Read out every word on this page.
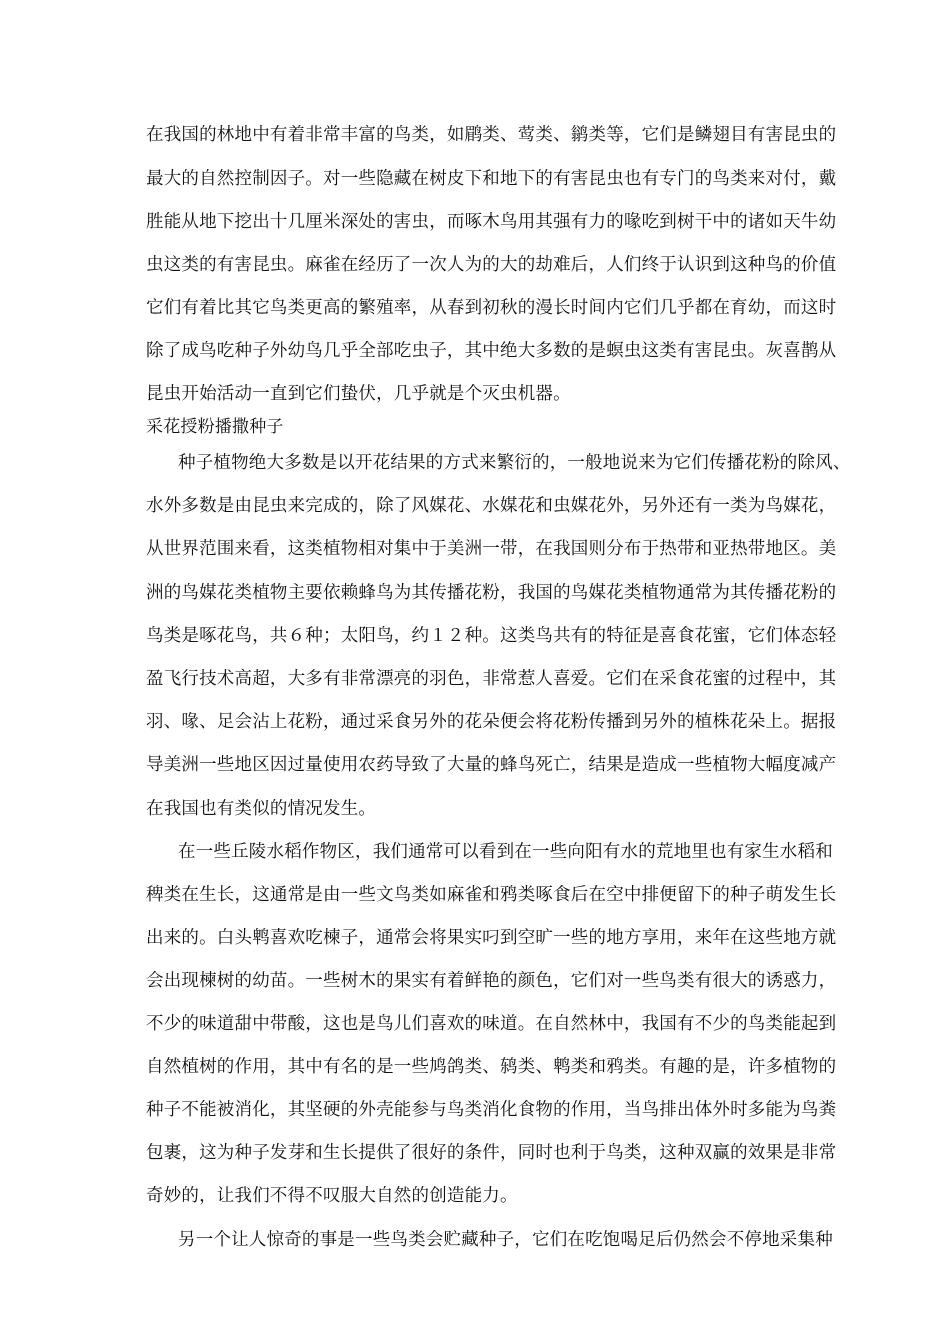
在我国的林地中有着非常丰富的鸟类，如鹛类、莺类、鹟类等，它们是鳞翅目有害昆虫的
最大的自然控制因子。对一些隐藏在树皮下和地下的有害昆虫也有专门的鸟类来对付，戴
胜能从地下挖出十几厘米深处的害虫，而啄木鸟用其强有力的喙吃到树干中的诸如天牛幼
虫这类的有害昆虫。麻雀在经历了一次人为的大的劫难后，人们终于认识到这种鸟的价值
它们有着比其它鸟类更高的繁殖率，从春到初秋的漫长时间内它们几乎都在育幼，而这时
除了成鸟吃种子外幼鸟几乎全部吃虫子，其中绝大多数的是螟虫这类有害昆虫。灰喜鹊从
昆虫开始活动一直到它们蛰伏，几乎就是个灭虫机器。
采花授粉播撒种子
种子植物绝大多数是以开花结果的方式来繁衍的，一般地说来为它们传播花粉的除风、
水外多数是由昆虫来完成的，除了风媒花、水媒花和虫媒花外，另外还有一类为鸟媒花，
从世界范围来看，这类植物相对集中于美洲一带，在我国则分布于热带和亚热带地区。美
洲的鸟媒花类植物主要依赖蜂鸟为其传播花粉，我国的鸟媒花类植物通常为其传播花粉的
鸟类是啄花鸟，共６种；太阳鸟，约１２种。这类鸟共有的特征是喜食花蜜，它们体态轻
盈飞行技术高超，大多有非常漂亮的羽色，非常惹人喜爱。它们在采食花蜜的过程中，其
羽、喙、足会沾上花粉，通过采食另外的花朵便会将花粉传播到另外的植株花朵上。据报
导美洲一些地区因过量使用农药导致了大量的蜂鸟死亡，结果是造成一些植物大幅度减产
在我国也有类似的情况发生。
在一些丘陵水稻作物区，我们通常可以看到在一些向阳有水的荒地里也有家生水稻和
稗类在生长，这通常是由一些文鸟类如麻雀和鸦类啄食后在空中排便留下的种子萌发生长
出来的。白头鹎喜欢吃楝子，通常会将果实叼到空旷一些的地方享用，来年在这些地方就
会出现楝树的幼苗。一些树木的果实有着鲜艳的颜色，它们对一些鸟类有很大的诱惑力，
不少的味道甜中带酸，这也是鸟儿们喜欢的味道。在自然林中，我国有不少的鸟类能起到
自然植树的作用，其中有名的是一些鸠鸽类、鸫类、鹎类和鸦类。有趣的是，许多植物的
种子不能被消化，其坚硬的外壳能参与鸟类消化食物的作用，当鸟排出体外时多能为鸟粪
包裹，这为种子发芽和生长提供了很好的条件，同时也利于鸟类，这种双赢的效果是非常
奇妙的，让我们不得不叹服大自然的创造能力。
另一个让人惊奇的事是一些鸟类会贮藏种子，它们在吃饱喝足后仍然会不停地采集种
